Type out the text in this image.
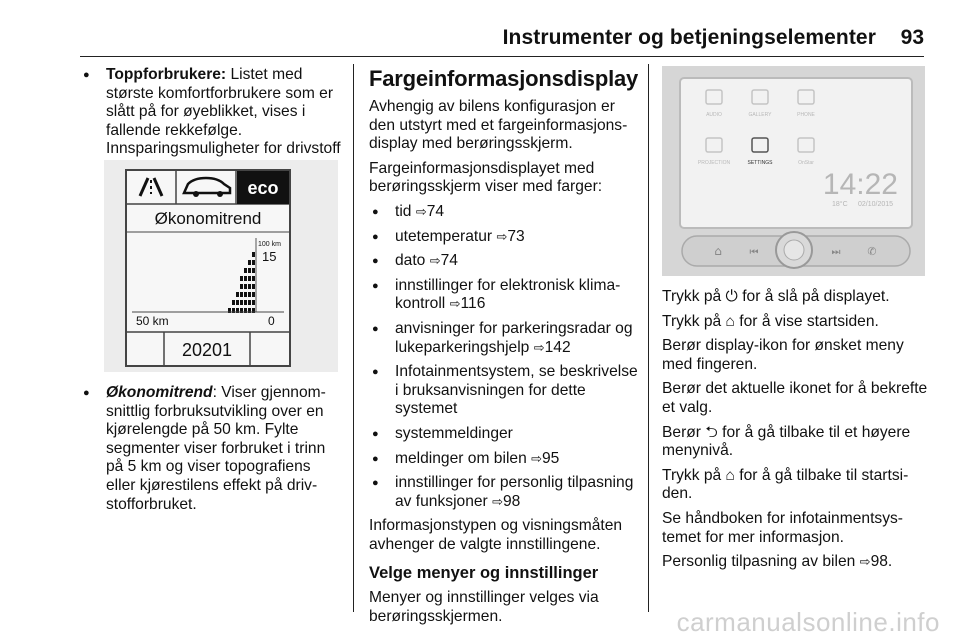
Instrumenter og betjeningselementer 93
● Toppforbrukere: Listet med største komfortforbrukere som er slått på for øyeblikket, vises i fallende rekkefølge. Innsparingsmuligheter for drivstoff
eco
Økonomitrend
100 km
15
50 km	0
20201
● Økonomitrend: Viser gjennomsnittlig forbruksutvikling over en kjørelengde på 50 km. Fylte segmenter viser forbruket i trinn på 5 km og viser topografiens eller kjørestilens effekt på drivstofforbruket.
Fargeinformasjonsdisplay

Avhengig av bilens konfigurasjon er den utstyrt med et fargeinformasjonsdisplay med berøringsskjerm.

Fargeinformasjonsdisplayet med berøringsskjerm viser med farger:

● tid ⇨ 74
● utetemperatur ⇨ 73
● dato ⇨ 74
● innstillinger for elektronisk klimakontroll ⇨ 116
● anvisninger for parkeringsradar og lukeparkeringshjelp ⇨ 142
● Infotainmentsystem, se beskrivelse i bruksanvisningen for dette systemet
● systemmeldinger
● meldinger om bilen ⇨ 95
● innstillinger for personlig tilpasning av funksjoner ⇨ 98

Informasjonstypen og visningsmåten avhenger de valgte innstillingene.

Velge menyer og innstillinger

Menyer og innstillinger velges via berøringsskjermen.

AUDIO	GALLERY	PHONE
PROJECTION	SETTINGS	OnStar
14:22
18°C 02/10/2015
⌂	⏮	⏭ ✆

Trykk på ⏻ for å slå på displayet.

Trykk på ⌂ for å vise startsiden.

Berør display-ikon for ønsket meny med fingeren.

Berør det aktuelle ikonet for å bekrefte et valg.

Berør ⮌ for å gå tilbake til et høyere menynivå.

Trykk på ⌂ for å gå tilbake til startsiden.

Se håndboken for infotainmentsystemet for mer informasjon.

Personlig tilpasning av bilen ⇨ 98.

carmanualsonline.info
